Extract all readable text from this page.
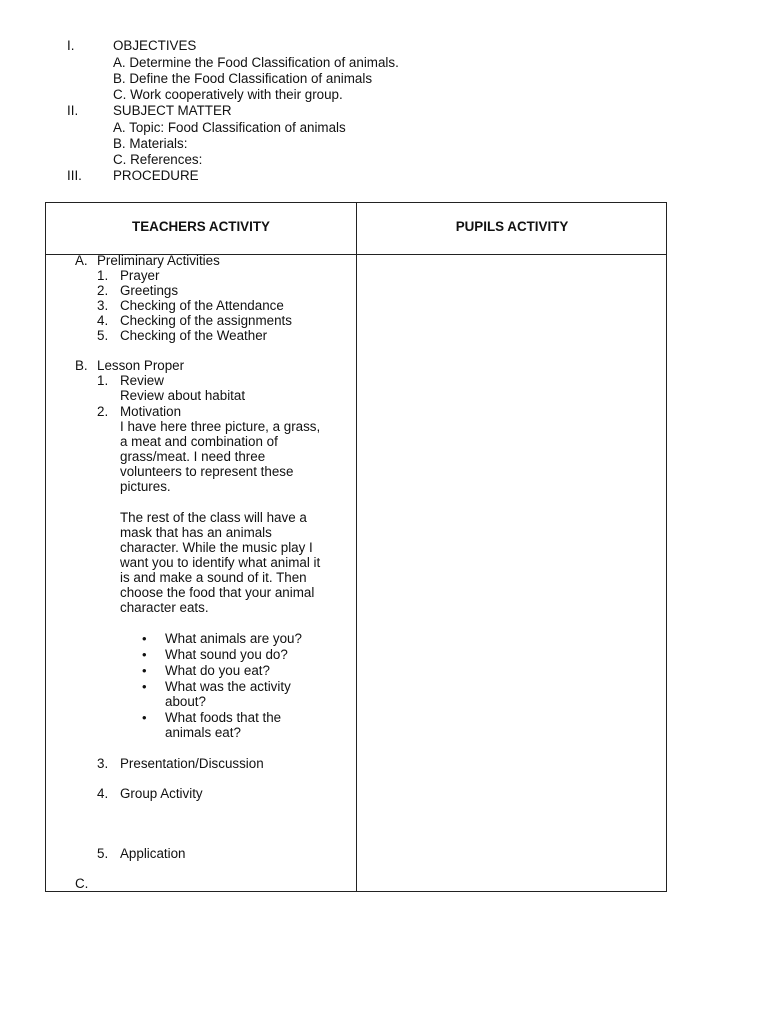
I.	OBJECTIVES
A. Determine the Food Classification of animals.
B. Define the Food Classification of animals
C. Work cooperatively with their group.
II.	SUBJECT MATTER
A. Topic: Food Classification of animals
B. Materials:
C. References:
III. PROCEDURE
TEACHERS ACTIVITY	PUPILS ACTIVITY
A. Preliminary Activities
1. Prayer
2. Greetings
3. Checking of the Attendance
4. Checking of the assignments
5. Checking of the Weather
B. Lesson Proper
1. Review
Review about habitat
2. Motivation
I have here three picture, a grass,
a meat and combination of
grass/meat. I need three
volunteers to represent these
pictures.
The rest of the class will have a
mask that has an animals
character. While the music play I
want you to identify what animal it
is and make a sound of it. Then
choose the food that your animal
character eats.
• What animals are you?
• What sound you do?
• What do you eat?
• What was the activity
about?
• What foods that the
animals eat?
3. Presentation/Discussion
4. Group Activity
5. Application
C.
